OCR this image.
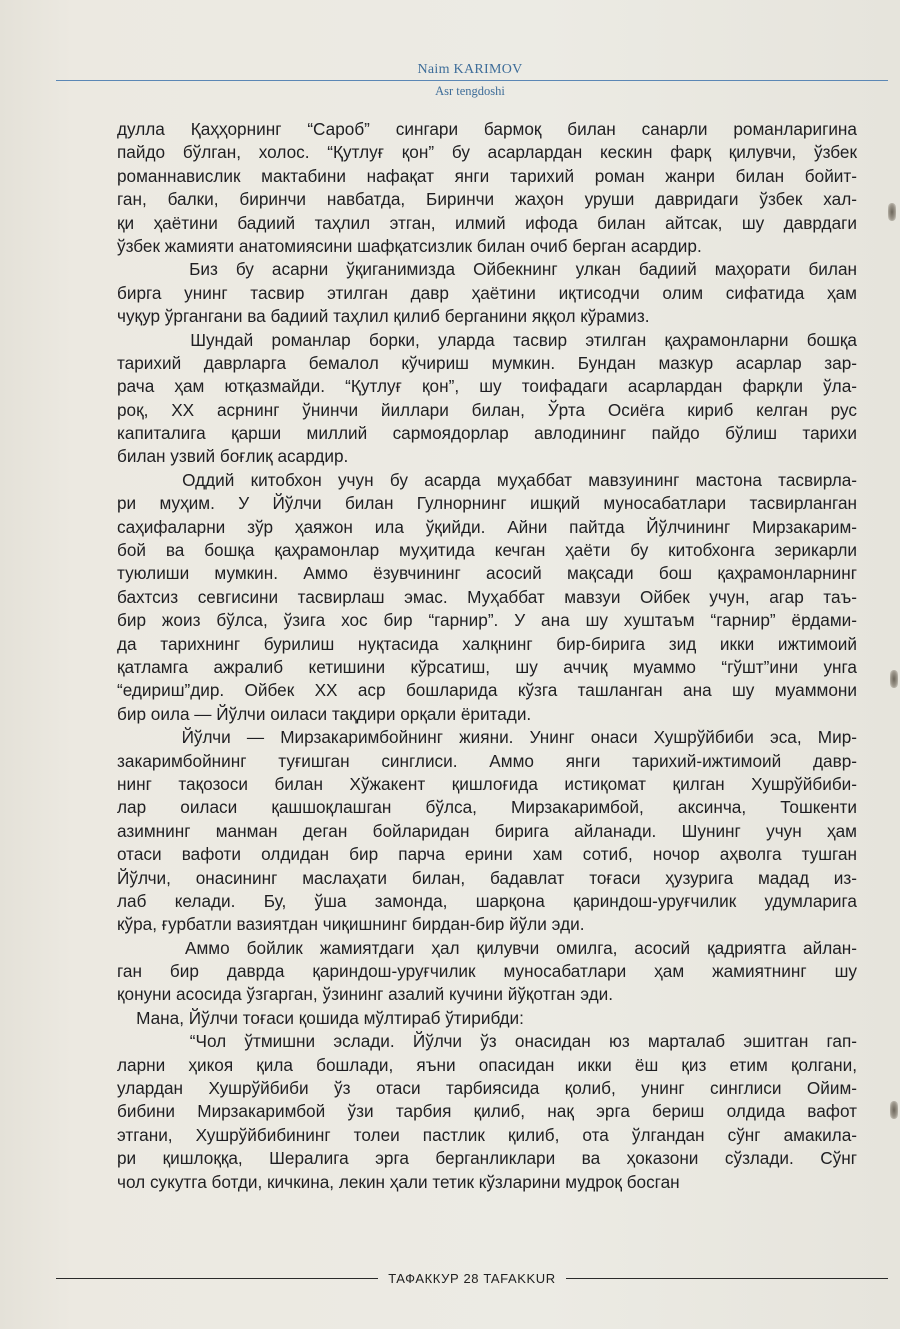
Naim KARIMOV
Asr tengdoshi
дулла Қаҳҳорнинг “Сароб” сингари бармоқ билан санарли романларигина
пайдо бўлган, холос. “Қутлуғ қон” бу асарлардан кескин фарқ қилувчи, ўзбек
романнавислик мактабини нафақат янги тарихий роман жанри билан бойит-
ган, балки, биринчи навбатда, Биринчи жаҳон уруши давридаги ўзбек хал-
қи ҳаётини бадиий таҳлил этган, илмий ифода билан айтсак, шу даврдаги
ўзбек жамияти анатомиясини шафқатсизлик билан очиб берган асардир.
Биз бу асарни ўқиганимизда Ойбекнинг улкан бадиий маҳорати билан
бирга унинг тасвир этилган давр ҳаётини иқтисодчи олим сифатида ҳам
чуқур ўргангани ва бадиий таҳлил қилиб берганини яққол кўрамиз.
Шундай романлар борки, уларда тасвир этилган қаҳрамонларни бошқа
тарихий даврларга бемалол кўчириш мумкин. Бундан мазкур асарлар зар-
рача ҳам ютқазмайди. “Қутлуғ қон”, шу тоифадаги асарлардан фарқли ўла-
роқ, XX асрнинг ўнинчи йиллари билан, Ўрта Осиёга кириб келган рус
капиталига қарши миллий сармоядорлар авлодининг пайдо бўлиш тарихи
билан узвий боғлиқ асардир.
Оддий китобхон учун бу асарда муҳаббат мавзуининг мастона тасвирла-
ри муҳим. У Йўлчи билан Гулнорнинг ишқий муносабатлари тасвирланган
саҳифаларни зўр ҳаяжон ила ўқийди. Айни пайтда Йўлчининг Мирзакарим-
бой ва бошқа қаҳрамонлар муҳитида кечган ҳаёти бу китобхонга зерикарли
туюлиши мумкин. Аммо ёзувчининг асосий мақсади бош қаҳрамонларнинг
бахтсиз севгисини тасвирлаш эмас. Муҳаббат мавзуи Ойбек учун, агар таъ-
бир жоиз бўлса, ўзига хос бир “гарнир”. У ана шу хуштаъм “гарнир” ёрдами-
да тарихнинг бурилиш нуқтасида халқнинг бир-бирига зид икки ижтимоий
қатламга ажралиб кетишини кўрсатиш, шу аччиқ муаммо “гўшт”ини унга
“едириш”дир. Ойбек XX аср бошларида кўзга ташланган ана шу муаммони
бир оила — Йўлчи оиласи тақдири орқали ёритади.
Йўлчи — Мирзакаримбойнинг жияни. Унинг онаси Хушрўйбиби эса, Мир-
закаримбойнинг туғишган синглиси. Аммо янги тарихий-ижтимоий давр-
нинг тақозоси билан Хўжакент қишлоғида истиқомат қилган Хушрўйбиби-
лар оиласи қашшоқлашган бўлса, Мирзакаримбой, аксинча, Тошкенти
азимнинг манман деган бойларидан бирига айланади. Шунинг учун ҳам
отаси вафоти олдидан бир парча ерини хам сотиб, ночор аҳволга тушган
Йўлчи, онасининг маслаҳати билан, бадавлат тоғаси ҳузурига мадад из-
лаб келади. Бу, ўша замонда, шарқона қариндош-уруғчилик удумларига
кўра, ғурбатли вазиятдан чиқишнинг бирдан-бир йўли эди.
Аммо бойлик жамиятдаги ҳал қилувчи омилга, асосий қадриятга айлан-
ган бир даврда қариндош-уруғчилик муносабатлари ҳам жамиятнинг шу
қонуни асосида ўзгарган, ўзининг азалий кучини йўқотган эди.
Мана, Йўлчи тоғаси қошида мўлтираб ўтирибди:
“Чол ўтмишни эслади. Йўлчи ўз онасидан юз марталаб эшитган гап-
ларни ҳикоя қила бошлади, яъни опасидан икки ёш қиз етим қолгани,
улардан Хушрўйбиби ўз отаси тарбиясида қолиб, унинг синглиси Ойим-
бибини Мирзакаримбой ўзи тарбия қилиб, нақ эрга бериш олдида вафот
этгани, Хушрўйбибининг толеи пастлик қилиб, ота ўлгандан сўнг амакила-
ри қишлоққа, Шералига эрга берганликлари ва ҳоказони сўзлади. Сўнг
чол сукутга ботди, кичкина, лекин ҳали тетик кўзларини мудроқ босган
ТАФАККУР 28 TAFAKKUR
